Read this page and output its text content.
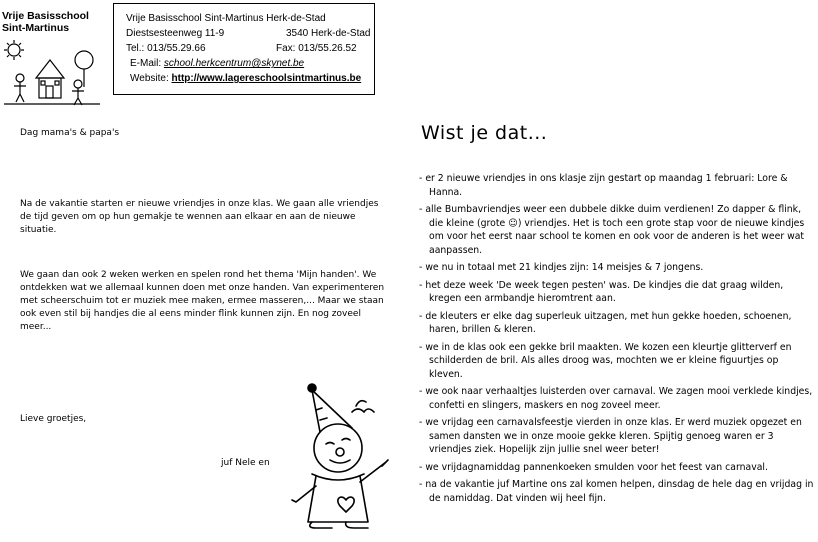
Vrije Basisschool
Sint-Martinus
Vrije Basisschool Sint-Martinus Herk-de-Stad
Diestsesteenweg 11-9	3540 Herk-de-Stad
Tel.: 013/55.29.66	Fax: 013/55.26.52
E-Mail: school.herkcentrum@skynet.be
Website: http://www.lagereschoolsintmartinus.be

Dag mama's & papa's

Na de vakantie starten er nieuwe vriendjes in onze klas. We gaan alle vriendjes de tijd geven om op hun gemakje te wennen aan elkaar en aan de nieuwe situatie.

We gaan dan ook 2 weken werken en spelen rond het thema 'Mijn handen'. We ontdekken wat we allemaal kunnen doen met onze handen. Van experimenteren met scheerschuim tot er muziek mee maken, ermee masseren,... Maar we staan ook even stil bij handjes die al eens minder flink kunnen zijn. En nog zoveel meer...

Lieve groetjes,

juf Nele en
Wist je dat...
- er 2 nieuwe vriendjes in ons klasje zijn gestart op maandag 1 februari: Lore & Hanna.
- alle Bumbavriendjes weer een dubbele dikke duim verdienen! Zo dapper & flink, die kleine (grote ☺) vriendjes. Het is toch een grote stap voor de nieuwe kindjes om voor het eerst naar school te komen en ook voor de anderen is het weer wat aanpassen.
- we nu in totaal met 21 kindjes zijn: 14 meisjes & 7 jongens.
- het deze week 'De week tegen pesten' was. De kindjes die dat graag wilden, kregen een armbandje hieromtrent aan.
- de kleuters er elke dag superleuk uitzagen, met hun gekke hoeden, schoenen, haren, brillen & kleren.
- we in de klas ook een gekke bril maakten. We kozen een kleurtje glitterverf en schilderden de bril. Als alles droog was, mochten we er kleine figuurtjes op kleven.
- we ook naar verhaaltjes luisterden over carnaval. We zagen mooi verklede kindjes, confetti en slingers, maskers en nog zoveel meer.
- we vrijdag een carnavalsfeestje vierden in onze klas. Er werd muziek opgezet en samen dansten we in onze mooie gekke kleren. Spijtig genoeg waren er 3 vriendjes ziek. Hopelijk zijn jullie snel weer beter!
- we vrijdagnamiddag pannenkoeken smulden voor het feest van carnaval.
- na de vakantie juf Martine ons zal komen helpen, dinsdag de hele dag en vrijdag in de namiddag. Dat vinden wij heel fijn.
